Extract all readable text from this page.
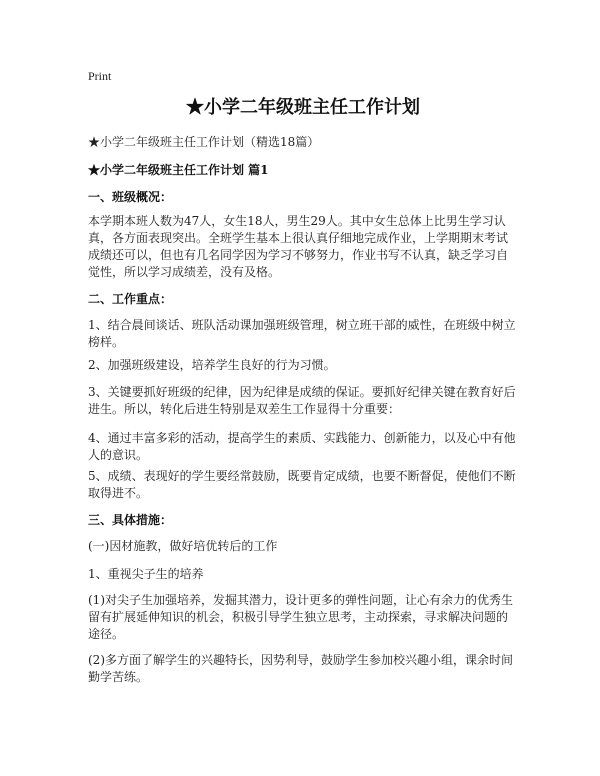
Print
★小学二年级班主任工作计划

★小学二年级班主任工作计划（精选18篇）

★小学二年级班主任工作计划 篇1

一、班级概况：

本学期本班人数为47人，女生18人，男生29人。其中女生总体上比男生学习认真，各方面表现突出。全班学生基本上很认真仔细地完成作业，上学期期末考试成绩还可以，但也有几名同学因为学习不够努力，作业书写不认真，缺乏学习自觉性，所以学习成绩差，没有及格。

二、工作重点：

1、结合晨间谈话、班队活动课加强班级管理，树立班干部的威性，在班级中树立榜样。

2、加强班级建设，培养学生良好的行为习惯。

3、关键要抓好班级的纪律，因为纪律是成绩的保证。要抓好纪律关键在教育好后进生。所以，转化后进生特别是双差生工作显得十分重要：

4、通过丰富多彩的活动，提高学生的素质、实践能力、创新能力，以及心中有他人的意识。

5、成绩、表现好的学生要经常鼓励，既要肯定成绩，也要不断督促，使他们不断取得进不。

三、具体措施：

(一)因材施教，做好培优转后的工作

1、重视尖子生的培养

(1)对尖子生加强培养，发掘其潜力，设计更多的弹性问题，让心有余力的优秀生留有扩展延伸知识的机会，积极引导学生独立思考，主动探索，寻求解决问题的途径。

(2)多方面了解学生的兴趣特长，因势利导，鼓励学生参加校兴趣小组，课余时间勤学苦练。
